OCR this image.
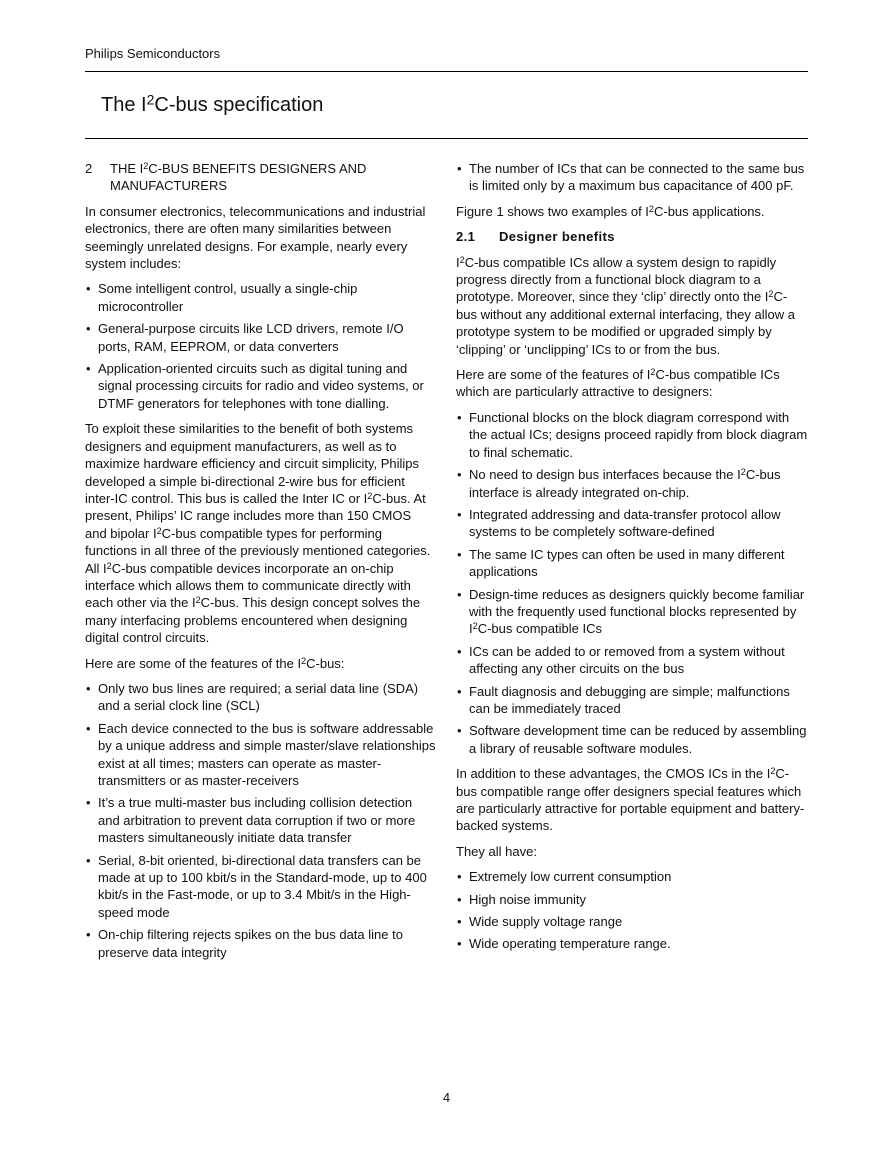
Philips Semiconductors
The $I^2C$-bus specification
2	THE $I^2C$-BUS BENEFITS DESIGNERS AND MANUFACTURERS

In consumer electronics, telecommunications and industrial electronics, there are often many similarities between seemingly unrelated designs. For example, nearly every system includes:

• Some intelligent control, usually a single-chip microcontroller
• General-purpose circuits like LCD drivers, remote I/O ports, RAM, EEPROM, or data converters
• Application-oriented circuits such as digital tuning and signal processing circuits for radio and video systems, or DTMF generators for telephones with tone dialling.

To exploit these similarities to the benefit of both systems designers and equipment manufacturers, as well as to maximize hardware efficiency and circuit simplicity, Philips developed a simple bi-directional 2-wire bus for efficient inter-IC control. This bus is called the Inter IC or $I^2C$-bus. At present, Philips’ IC range includes more than 150 CMOS and bipolar $I^2C$-bus compatible types for performing functions in all three of the previously mentioned categories. All $I^2C$-bus compatible devices incorporate an on-chip interface which allows them to communicate directly with each other via the $I^2C$-bus. This design concept solves the many interfacing problems encountered when designing digital control circuits.

Here are some of the features of the $I^2C$-bus:

• Only two bus lines are required; a serial data line (SDA) and a serial clock line (SCL)
• Each device connected to the bus is software addressable by a unique address and simple master/slave relationships exist at all times; masters can operate as master-transmitters or as master-receivers
• It’s a true multi-master bus including collision detection and arbitration to prevent data corruption if two or more masters simultaneously initiate data transfer
• Serial, 8-bit oriented, bi-directional data transfers can be made at up to 100 kbit/s in the Standard-mode, up to 400 kbit/s in the Fast-mode, or up to 3.4 Mbit/s in the High-speed mode
• On-chip filtering rejects spikes on the bus data line to preserve data integrity
• The number of ICs that can be connected to the same bus is limited only by a maximum bus capacitance of 400 pF.

Figure 1 shows two examples of $I^2C$-bus applications.

2.1	Designer benefits

$I^2C$-bus compatible ICs allow a system design to rapidly progress directly from a functional block diagram to a prototype. Moreover, since they ‘clip’ directly onto the $I^2C$-bus without any additional external interfacing, they allow a prototype system to be modified or upgraded simply by ‘clipping’ or ‘unclipping’ ICs to or from the bus.

Here are some of the features of $I^2C$-bus compatible ICs which are particularly attractive to designers:

• Functional blocks on the block diagram correspond with the actual ICs; designs proceed rapidly from block diagram to final schematic.
• No need to design bus interfaces because the $I^2C$-bus interface is already integrated on-chip.
• Integrated addressing and data-transfer protocol allow systems to be completely software-defined
• The same IC types can often be used in many different applications
• Design-time reduces as designers quickly become familiar with the frequently used functional blocks represented by $I^2C$-bus compatible ICs
• ICs can be added to or removed from a system without affecting any other circuits on the bus
• Fault diagnosis and debugging are simple; malfunctions can be immediately traced
• Software development time can be reduced by assembling a library of reusable software modules.

In addition to these advantages, the CMOS ICs in the $I^2C$-bus compatible range offer designers special features which are particularly attractive for portable equipment and battery-backed systems.

They all have:

• Extremely low current consumption
• High noise immunity
• Wide supply voltage range
• Wide operating temperature range.
4
